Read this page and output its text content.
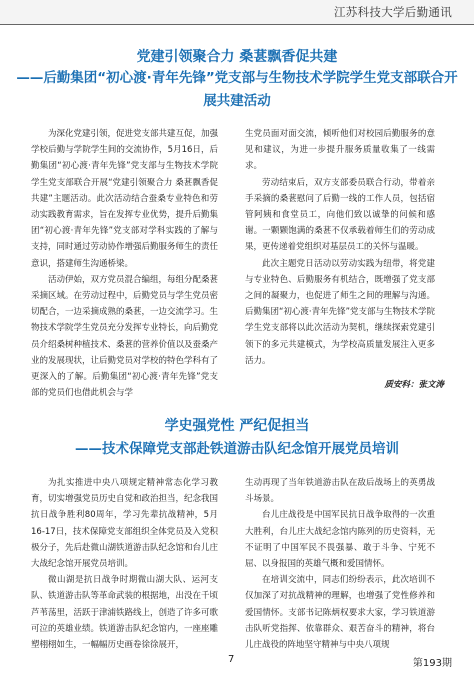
江苏科技大学后勤通讯
党建引领聚合力 桑葚飘香促共建
——后勤集团“初心渡·青年先锋”党支部与生物技术学院学生党支部联合开展共建活动

为深化党建引领，促进党支部共建互促，加强学校后勤与学院学生间的交流协作，5月16日，后勤集团“初心渡·青年先锋”党支部与生物技术学院学生党支部联合开展“党建引领聚合力 桑葚飘香促共建”主题活动。此次活动结合蚕桑专业特色和劳动实践教育需求，旨在发挥专业优势，提升后勤集团“初心渡·青年先锋”党支部对学科实践的了解与支持，同时通过劳动协作增强后勤服务师生的责任意识，搭建师生沟通桥梁。

活动伊始，双方党员混合编组，每组分配桑葚采摘区域。在劳动过程中，后勤党员与学生党员密切配合，一边采摘成熟的桑葚，一边交流学习。生物技术学院学生党员充分发挥专业特长，向后勤党员介绍桑树种植技术、桑葚的营养价值以及蚕桑产业的发展现状，让后勤党员对学校的特色学科有了更深入的了解。后勤集团“初心渡·青年先锋”党支部的党员们也借此机会与学

生党员面对面交流，倾听他们对校园后勤服务的意见和建议，为进一步提升服务质量收集了一线需求。

劳动结束后，双方支部委员联合行动，带着亲手采摘的桑葚慰问了后勤一线的工作人员，包括宿管阿姨和食堂员工，向他们致以诚挚的问候和感谢。一颗颗饱满的桑葚不仅承载着师生们的劳动成果，更传递着党组织对基层员工的关怀与温暖。

此次主题党日活动以劳动实践为纽带，将党建与专业特色、后勤服务有机结合，既增强了党支部之间的凝聚力，也促进了师生之间的理解与沟通。后勤集团“初心渡·青年先锋”党支部与生物技术学院学生党支部将以此次活动为契机，继续探索党建引领下的多元共建模式，为学校高质量发展注入更多活力。

质安科：张文涛
学史强党性 严纪促担当
——技术保障党支部赴铁道游击队纪念馆开展党员培训

为扎实推进中央八项规定精神常态化学习教育，切实增强党员历史自觉和政治担当，纪念我国抗日战争胜利80周年，学习先辈抗战精神，5月16-17日，技术保障党支部组织全体党员及入党积极分子，先后赴微山湖铁道游击队纪念馆和台儿庄大战纪念馆开展党员培训。

微山湖是抗日战争时期微山湖大队、运河支队、铁道游击队等革命武装的根据地，出没在千顷芦苇荡里，活跃于津浦铁路线上，创造了许多可歌可泣的英雄业绩。铁道游击队纪念馆内，一座座雕塑栩栩如生，一幅幅历史画卷徐徐展开，

生动再现了当年铁道游击队在敌后战场上的英勇战斗场景。

台儿庄战役是中国军民抗日战争取得的一次重大胜利，台儿庄大战纪念馆内陈列的历史资料，无不证明了中国军民不畏强暴、敢于斗争、宁死不屈、以身报国的英雄气概和爱国情怀。

在培训交流中，同志们纷纷表示，此次培训不仅加深了对抗战精神的理解，也增强了党性修养和爱国情怀。支部书记陈炳权要求大家，学习铁道游击队听党指挥、依靠群众、艰苦奋斗的精神，将台儿庄战役的阵地坚守精神与中央八项规

7	第193期
